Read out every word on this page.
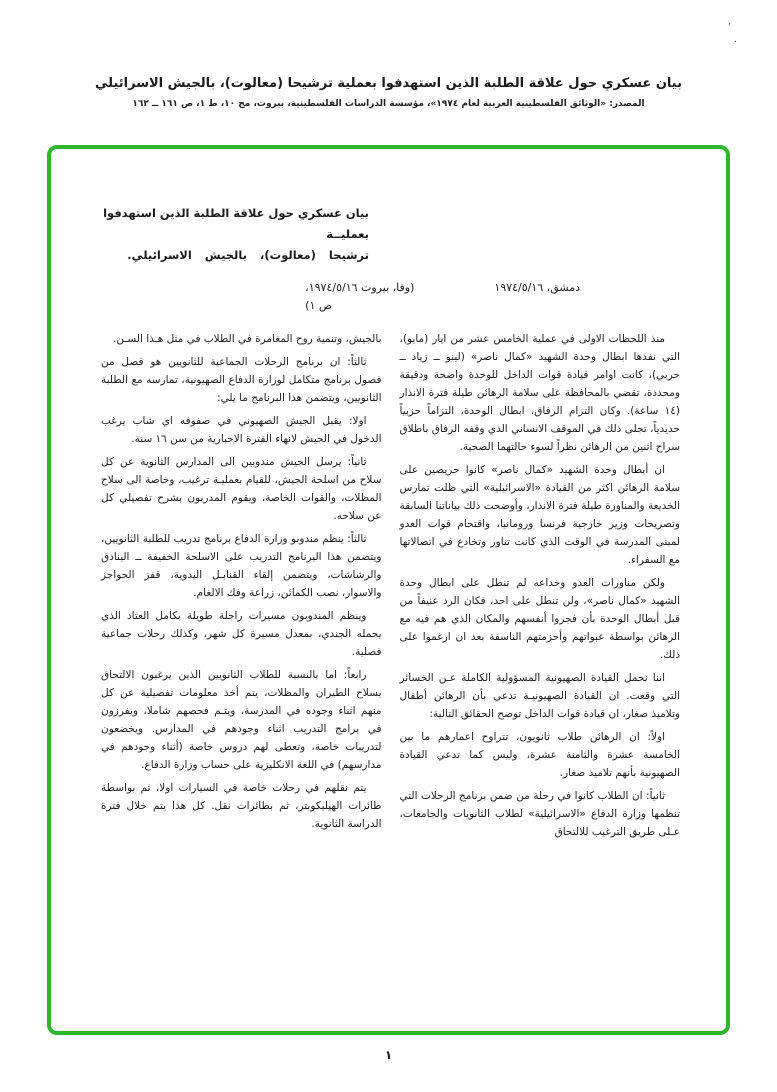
٬
.
بيان عسكري حول علاقة الطلبة الذين استهدفوا بعملية ترشيحا (معالوت)، بالجيش الاسرائيلي
المصدر: «الوثائق الفلسطينية العربية لعام ١٩٧٤»، مؤسسة الدراسات الفلسطينية، بيروت، مج ١٠، ط ١، ص ١٦١ ــ ١٦٢
بيان عسكري حول علاقة الطلبة الذين استهدفوا بعمليــة
ترشيحا (معالوت)، بالجيش الاسرائيلي.
دمشق، ١٩٧٤/٥/١٦
(وفا، بيروت ١٩٧٤/٥/١٦،
ص ١)

منذ اللحظات الاولى في عملية الخامس عشر من ايار (مايو)، التي نفذها ابطال وحدة الشهيد «كمال ناصر» (لينو ــ زياد ــ حربي)، كانت اوامر قيادة قوات الداخل للوحدة واضحة ودقيقة ومحددة، تقضي بالمحافظة على سلامة الرهائن طيلة فترة الانذار (١٤ ساعة). وكان التزام الرفاق، ابطال الوحدة، التزاماً حزبياً حديدياً، تجلى ذلك في الموقف الانساني الذي وقفه الرفاق باطلاق سراح اثنين من الرهائن نظراً لسوء حالتهما الصحية.

ان أبطال وحدة الشهيد «كمال ناصر» كانوا حريصين على سلامة الرهائن اكثر من القيادة «الاسرائيلية» التي ظلت تمارس الخديعة والمناورة طيلة فترة الانذار، وأوضحت ذلك بياناتنا السابقة وتصريحات وزير خارجية فرنسا ورومانيا، واقتحام قوات العدو لمبنى المدرسة في الوقت الذي كانت تناور وتخادع في اتصالاتها مع السفراء.

ولكن مناورات العدو وخداعه لم تنطل على ابطال وحدة الشهيد «كمال ناصر»، ولن تنطل على احد، فكان الرد عنيفاً من قبل أبطال الوحدة بأن فجروا أنفسهم والمكان الذي هم فيه مع الرهائن بواسطة عبواتهم وأحزمتهم الناسفة بعد ان ارغموا على ذلك.

اننا نحمل القيادة الصهيونية المسؤولية الكاملة عـن الخسائر التي وقعت. ان القيادة الصهيونيـة تدعي بأن الرهائن أطفال وتلاميذ صغار، ان قيادة قوات الداخل توضح الحقائق التالية:

اولاً: ان الرهائن طلاب ثانويون، تتراوح اعمارهم ما بين الخامسة عشرة والثامنة عشرة، وليس كما تدعي القيادة الصهيونية بأنهم تلاميذ صغار.

ثانياً: ان الطلاب كانوا في رحلة من ضمن برنامج الرحلات التي تنظمها وزارة الدفاع «الاسرائيلية» لطلاب الثانويات والجامعات، عـلى طريق الترغيب للالتحاق

بالجيش، وتنمية روح المغامرة في الطلاب في مثل هـذا السـن.

ثالثاً: ان برنامج الرحلات الجماعية للثانويين هو فصل من فصول برنامج متكامل لوزارة الدفاع الصهيونية، تمارسه مع الطلبة الثانويين، ويتضمن هذا البرنامج ما يلي:

اولا: يقبل الجيش الصهيوني في صفوفه اي شاب يرغب الدخول في الجيش لانهاء الفترة الاجبارية من سن ١٦ سنة.

ثانياً: يرسل الجيش مندوبين الى المدارس الثانوية عن كل سلاح من اسلحة الجيش، للقيام بعمليـة ترغيب، وخاصة الى سلاح المظلات، والقوات الخاصة، ويقوم المدربون بشرح تفصيلي كل عن سلاحه.

ثالثاً: ينظم مندوبو وزارة الدفاع برنامج تدريب للطلبة الثانويين، ويتضمن هذا البرنامج التدريب على الاسلحة الخفيفة ــ البنادق والرشاشات، ويتضمن إلقاء القنابـل اليدوية، قفز الحواجز والاسوار، نصب الكمائن، زراعة وفك الالغام.

وينظم المندوبون مسيرات راجلة طويلة بكامل العتاد الذي يحمله الجندي، بمعدل مسيرة كل شهر، وكذلك رحلات جماعية فصلية.

رابعاً: اما بالنسبة للطلاب الثانويين الذين يرغبون الالتحاق بسلاح الطيران والمظلات، يتم أخذ معلومات تفصيلية عن كل منهم اثناء وجوده في المدرسة، ويتـم فحصهم شاملا، ويفرزون في برامج التدريب اثناء وجودهم في المدارس. ويخضعون لتدريبات خاصة، وتعطى لهم دروس خاصة (أثناء وجودهم في مدارسهم) في اللغة الانكليزية على حساب وزارة الدفاع.

يتم نقلهم في رحلات خاصة في السيارات اولا، ثم بواسطة طائرات الهيليكوبتر، ثم بطائرات نقل. كل هذا يتم خلال فترة الدراسة الثانوية.

١
